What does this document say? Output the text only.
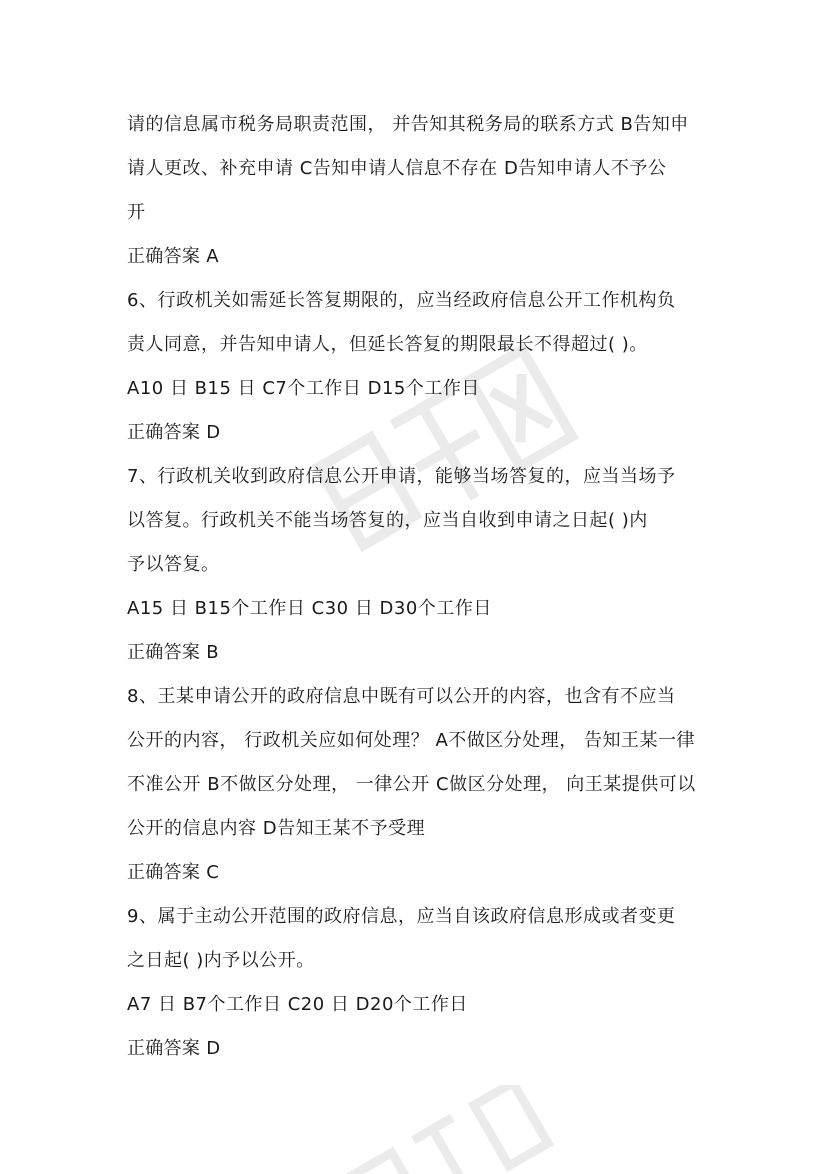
请的信息属市税务局职责范围， 并告知其税务局的联系方式 B告知申
请人更改、补充申请 C告知申请人信息不存在 D告知申请人不予公
开
正确答案 A
6、行政机关如需延长答复期限的，应当经政府信息公开工作机构负
责人同意，并告知申请人，但延长答复的期限最长不得超过( )。
A10 日 B15 日 C7个工作日 D15个工作日
正确答案 D
7、行政机关收到政府信息公开申请，能够当场答复的，应当当场予
以答复。行政机关不能当场答复的，应当自收到申请之日起( )内
予以答复。
A15 日 B15个工作日 C30 日 D30个工作日
正确答案 B
8、王某申请公开的政府信息中既有可以公开的内容，也含有不应当
公开的内容， 行政机关应如何处理？ A不做区分处理， 告知王某一律
不准公开 B不做区分处理， 一律公开 C做区分处理， 向王某提供可以
公开的信息内容 D告知王某不予受理
正确答案 C
9、属于主动公开范围的政府信息，应当自该政府信息形成或者变更
之日起( )内予以公开。
A7 日 B7个工作日 C20 日 D20个工作日
正确答案 D
